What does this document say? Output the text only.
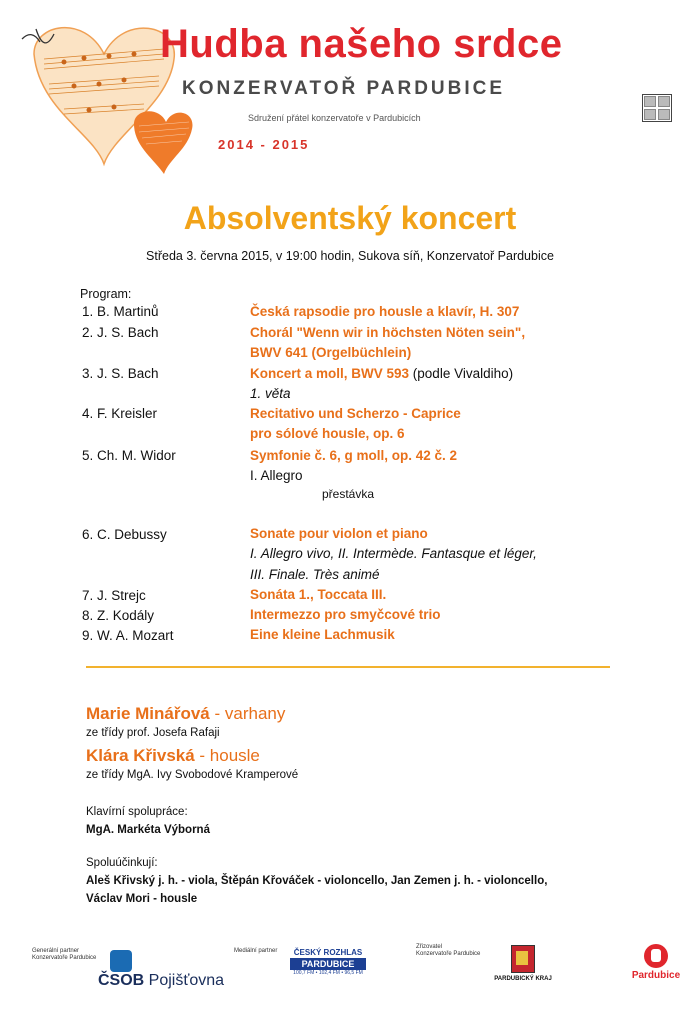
Hudba našeho srdce
KONZERVATOŘ PARDUBICE
Sdružení přátel konzervatoře v Pardubicích
2014 - 2015
Absolventský koncert
Středa 3. června 2015, v 19:00 hodin, Sukova síň, Konzervatoř Pardubice
Program:
1. B. Martinů	Česká rapsodie pro housle a klavír, H. 307
2. J. S. Bach	Chorál "Wenn wir in höchsten Nöten sein",
BWV 641 (Orgelbüchlein)
3. J. S. Bach	Koncert a moll, BWV 593 (podle Vivaldiho)
1. věta
4. F. Kreisler	Recitativo und Scherzo - Caprice
pro sólové housle, op. 6
5. Ch. M. Widor	Symfonie č. 6, g moll, op. 42 č. 2
I. Allegro
přestávka
6. C. Debussy	Sonate pour violon et piano
I. Allegro vivo, II. Intermède. Fantasque et léger,
III. Finale. Très animé
7. J. Strejc	Sonáta 1., Toccata III.
8. Z. Kodály	Intermezzo pro smyčcové trio
9. W. A. Mozart	Eine kleine Lachmusik
Marie Minářová - varhany
ze třídy prof. Josefa Rafaji
Klára Křivská - housle
ze třídy MgA. Ivy Svobodové Kramperové
Klavírní spolupráce:
MgA. Markéta Výborná
Spoluúčinkují:
Aleš Křivský j. h. - viola, Štěpán Křováček - violoncello, Jan Zemen j. h. - violoncello,
Václav Mori - housle
Generální partner
Konzervatoře Pardubice
ČSOB Pojišťovna
Mediální partner	ČESKÝ ROZHLAS
PARDUBICE
100,7 FM • 102,4 FM • 96,5 FM
Zřizovatel
Konzervatoře Pardubice
PARDUBICKÝ KRAJ	Pardubice
